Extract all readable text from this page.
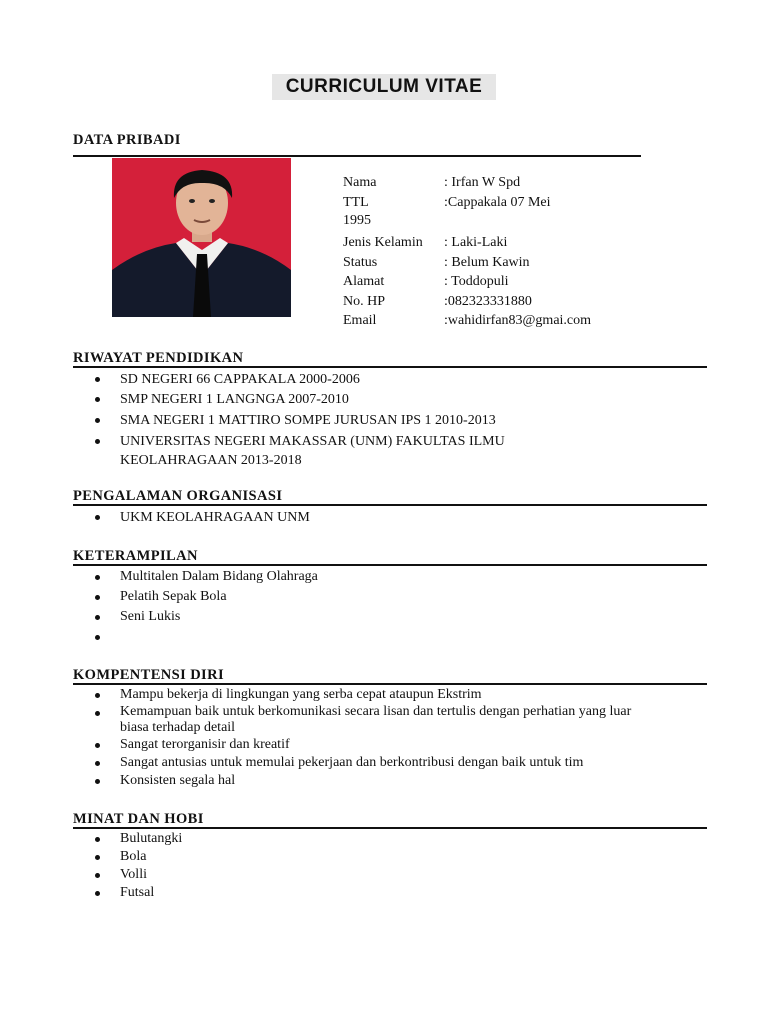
CURRICULUM VITAE
DATA PRIBADI
Nama	: Irfan W Spd
TTL	:Cappakala 07 Mei
1995
Jenis Kelamin : Laki-Laki
Status	: Belum Kawin
Alamat	: Toddopuli
No. HP	:082323331880
Email	:wahidirfan83@gmai.com
RIWAYAT PENDIDIKAN
SD NEGERI 66 CAPPAKALA 2000-2006
SMP NEGERI 1 LANGNGA 2007-2010
SMA NEGERI 1 MATTIRO SOMPE JURUSAN IPS 1 2010-2013
UNIVERSITAS NEGERI MAKASSAR (UNM) FAKULTAS ILMU
KEOLAHRAGAAN 2013-2018
PENGALAMAN ORGANISASI
UKM KEOLAHRAGAAN UNM
KETERAMPILAN
Multitalen Dalam Bidang Olahraga
Pelatih Sepak Bola
Seni Lukis
KOMPENTENSI DIRI
Mampu bekerja di lingkungan yang serba cepat ataupun Ekstrim
Kemampuan baik untuk berkomunikasi secara lisan dan tertulis dengan perhatian yang luar
biasa terhadap detail
Sangat terorganisir dan kreatif
Sangat antusias untuk memulai pekerjaan dan berkontribusi dengan baik untuk tim
Konsisten segala hal
MINAT DAN HOBI
Bulutangki
Bola
Volli
Futsal
